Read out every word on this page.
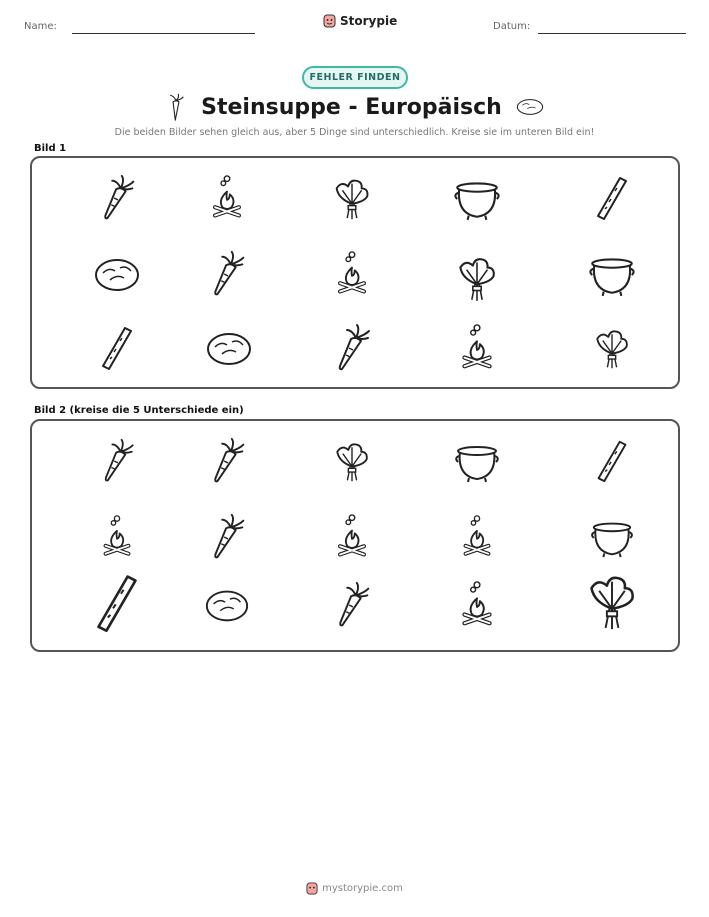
Name:	Storypie	Datum:
FEHLER FINDEN
Steinsuppe - Europäisch
Die beiden Bilder sehen gleich aus, aber 5 Dinge sind unterschiedlich. Kreise sie im unteren Bild ein!
Bild 1
Bild 2 (kreise die 5 Unterschiede ein)
mystorypie.com
